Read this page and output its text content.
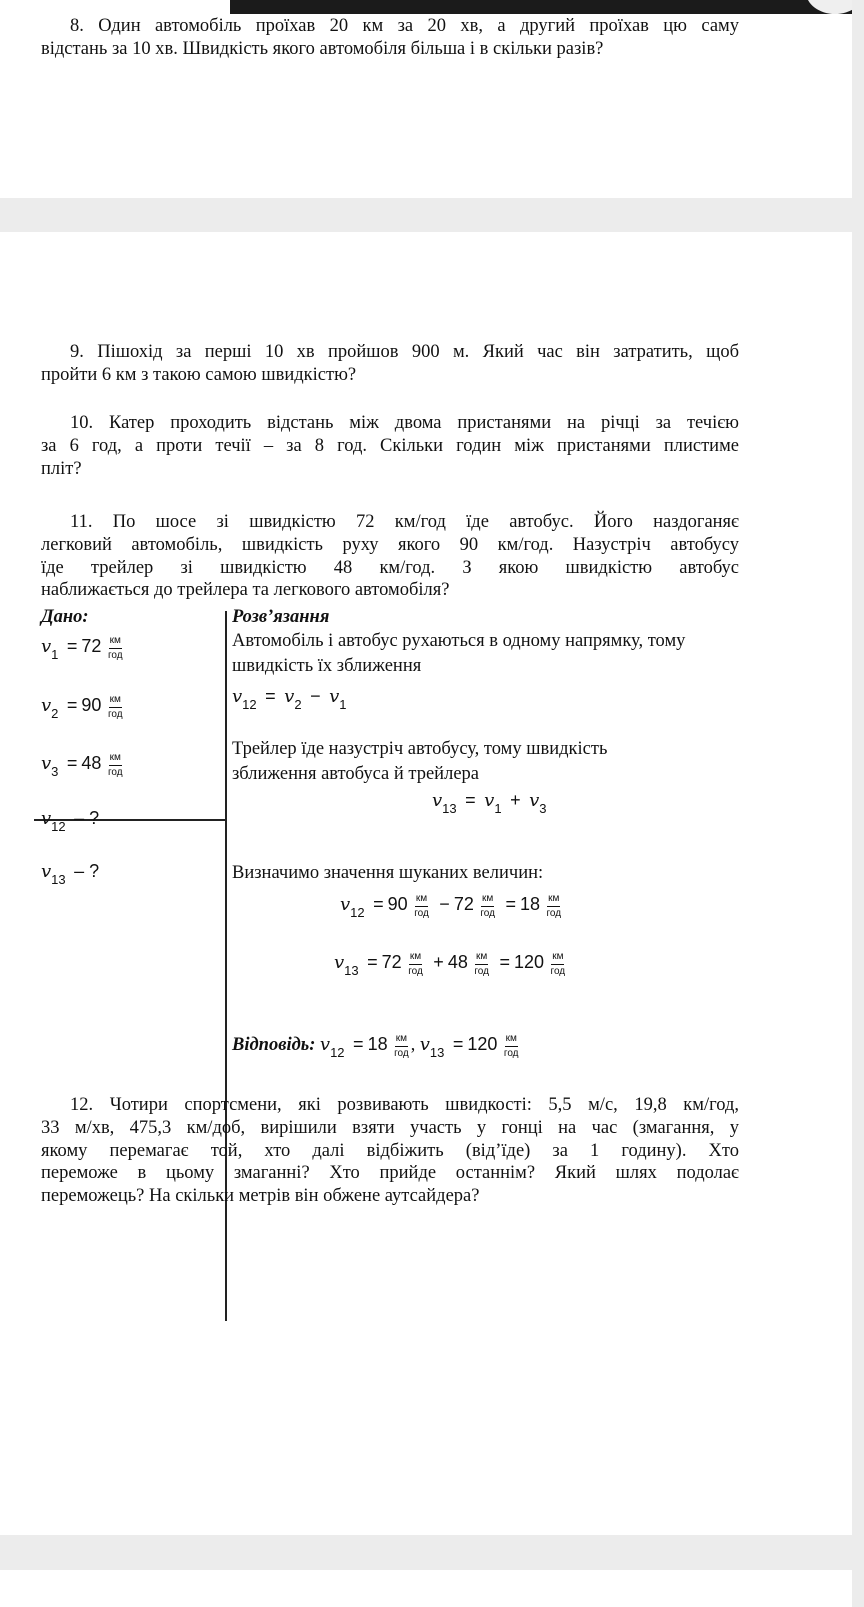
8. Один автомобіль проїхав 20 км за 20 хв, а другий проїхав цю саму
відстань за 10 хв. Швидкість якого автомобіля більша і в скільки разів?
9. Пішохід за перші 10 хв пройшов 900 м. Який час він затратить, щоб
пройти 6 км з такою самою швидкістю?
10. Катер проходить відстань між двома пристанями на річці за течією
за 6 год, а проти течії – за 8 год. Скільки годин між пристанями плистиме
пліт?
11. По шосе зі швидкістю 72 км/год їде автобус. Його наздоганяє
легковий автомобіль, швидкість руху якого 90 км/год. Назустріч автобусу
їде трейлер зі швидкістю 48 км/год. З якою швидкістю автобус
наближається до трейлера та легкового автомобіля?
Дано:
$v_1 = 72 \frac{км}{\text{год}}$
$v_2 = 90 \frac{км}{\text{год}}$
$v_3 = 48 \frac{км}{\text{год}}$
$v_{12}$ – ?
$v_{13}$ – ?
Розв’язання
Автомобіль і автобус рухаються в одному напрямку, тому
швидкість їх зближення
$v_{12} = v_2 - v_1$
Трейлер їде назустріч автобусу, тому швидкість
зближення автобуса й трейлера
$v_{13} = v_1 + v_3$
Визначимо значення шуканих величин:
$v_{12} = 90 \frac{км}{\text{год}} - 72 \frac{км}{\text{год}} = 18 \frac{км}{\text{год}}$
$v_{13} = 72 \frac{км}{\text{год}} + 48 \frac{км}{\text{год}} = 120 \frac{км}{\text{год}}$
Відповідь: $v_{12} = 18 \frac{км}{\text{год}}$ , $v_{13} = 120 \frac{км}{\text{год}}$
12. Чотири спортсмени, які розвивають швидкості: 5,5 м/с, 19,8 км/год,
33 м/хв, 475,3 км/доб, вирішили взяти участь у гонці на час (змагання, у
якому перемагає той, хто далі відбіжить (від’їде) за 1 годину). Хто
переможе в цьому змаганні? Хто прийде останнім? Який шлях подолає
переможець? На скільки метрів він обжене аутсайдера?
